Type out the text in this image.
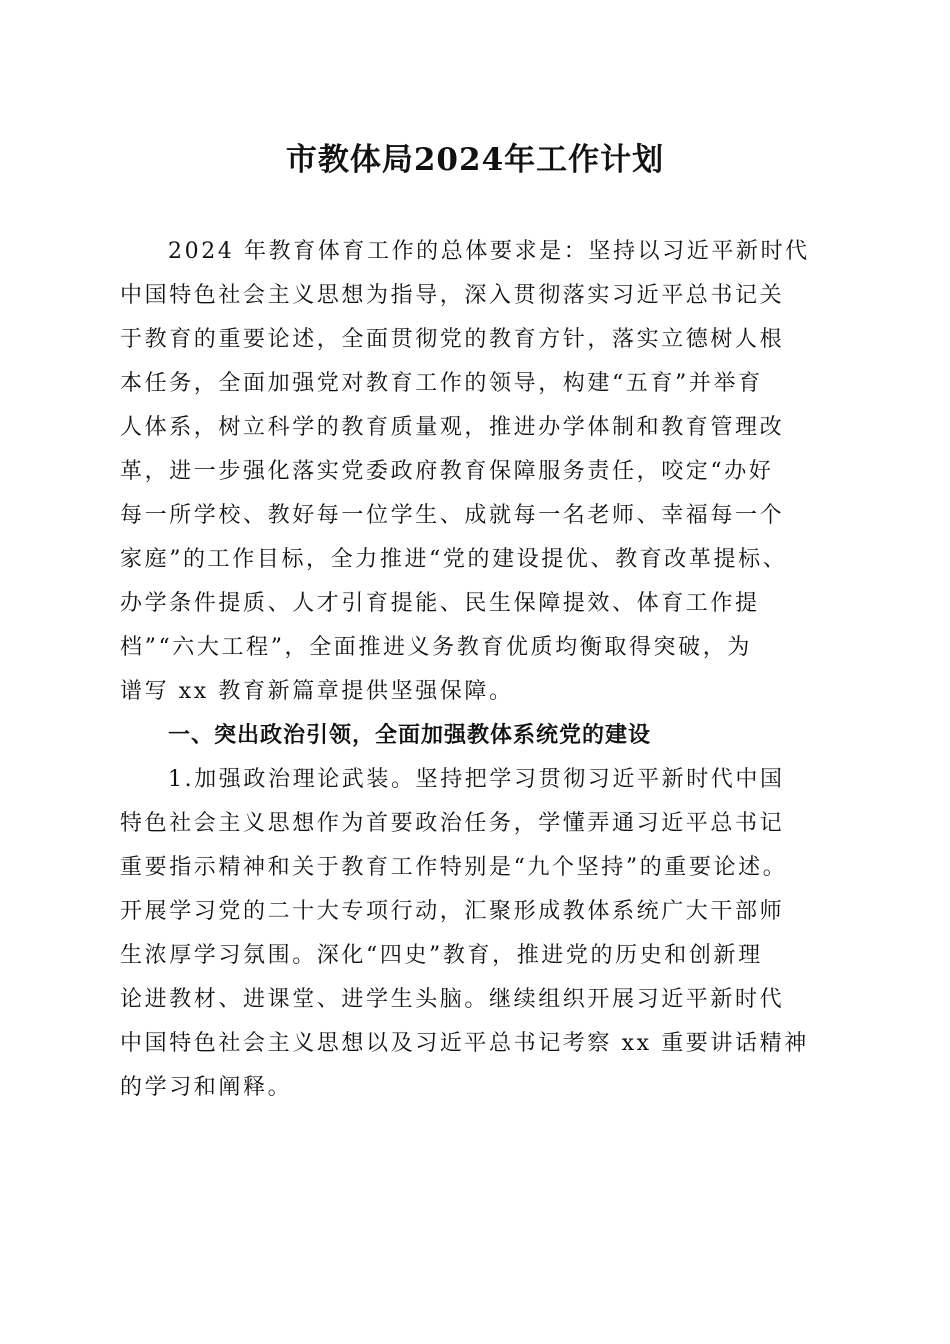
市教体局2024年工作计划
2024 年教育体育工作的总体要求是：坚持以习近平新时代
中国特色社会主义思想为指导，深入贯彻落实习近平总书记关
于教育的重要论述，全面贯彻党的教育方针，落实立德树人根
本任务，全面加强党对教育工作的领导，构建“五育”并举育
人体系，树立科学的教育质量观，推进办学体制和教育管理改
革，进一步强化落实党委政府教育保障服务责任，咬定“办好
每一所学校、教好每一位学生、成就每一名老师、幸福每一个
家庭”的工作目标，全力推进“党的建设提优、教育改革提标、
办学条件提质、人才引育提能、民生保障提效、体育工作提
档”“六大工程”，全面推进义务教育优质均衡取得突破，为
谱写 xx 教育新篇章提供坚强保障。
一、突出政治引领，全面加强教体系统党的建设
1.加强政治理论武装。坚持把学习贯彻习近平新时代中国
特色社会主义思想作为首要政治任务，学懂弄通习近平总书记
重要指示精神和关于教育工作特别是“九个坚持”的重要论述。
开展学习党的二十大专项行动，汇聚形成教体系统广大干部师
生浓厚学习氛围。深化“四史”教育，推进党的历史和创新理
论进教材、进课堂、进学生头脑。继续组织开展习近平新时代
中国特色社会主义思想以及习近平总书记考察 xx 重要讲话精神
的学习和阐释。
